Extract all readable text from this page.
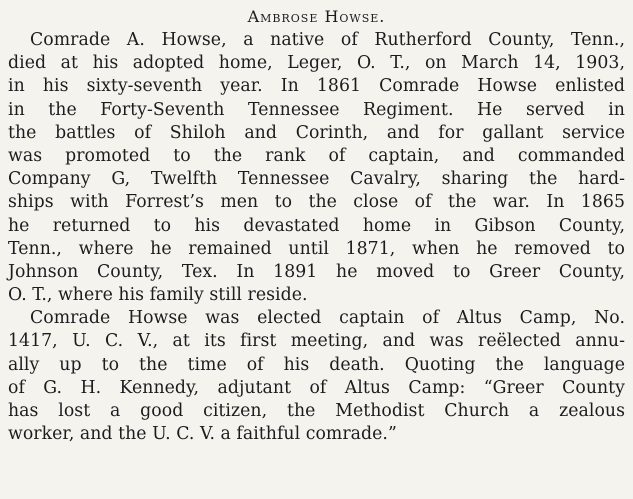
Ambrose Howse.
Comrade A. Howse, a native of Rutherford County, Tenn.,
died at his adopted home, Leger, O. T., on March 14, 1903,
in his sixty-seventh year. In 1861 Comrade Howse enlisted
in the Forty-Seventh Tennessee Regiment. He served in
the battles of Shiloh and Corinth, and for gallant service
was promoted to the rank of captain, and commanded
Company G, Twelfth Tennessee Cavalry, sharing the hard-
ships with Forrest’s men to the close of the war. In 1865
he returned to his devastated home in Gibson County,
Tenn., where he remained until 1871, when he removed to
Johnson County, Tex. In 1891 he moved to Greer County,
O. T., where his family still reside.
Comrade Howse was elected captain of Altus Camp, No.
1417, U. C. V., at its first meeting, and was reëlected annu-
ally up to the time of his death. Quoting the language
of G. H. Kennedy, adjutant of Altus Camp: “Greer County
has lost a good citizen, the Methodist Church a zealous
worker, and the U. C. V. a faithful comrade.”
